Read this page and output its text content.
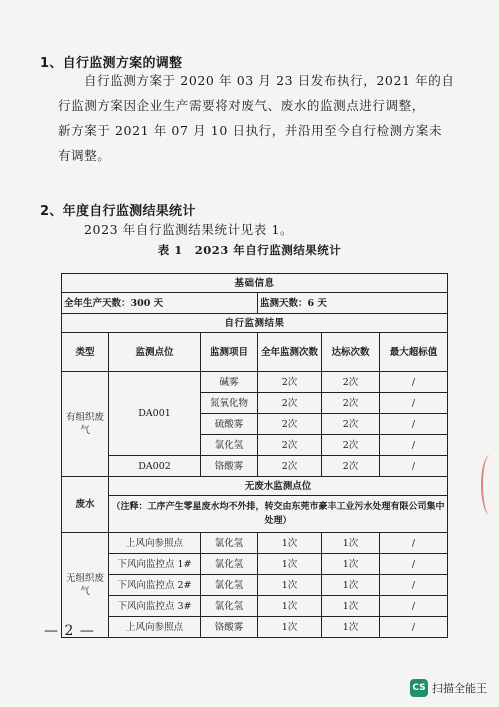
1、自行监测方案的调整
自行监测方案于 2020 年 03 月 23 日发布执行，2021 年的自
行监测方案因企业生产需要将对废气、废水的监测点进行调整，
新方案于 2021 年 07 月 10 日执行，并沿用至今自行检测方案未
有调整。
2、年度自行监测结果统计
2023 年自行监测结果统计见表 1。
表 1　2023 年自行监测结果统计
基础信息					
全年生产天数：300 天			监测天数：6 天		
自行监测结果					
类型	监测点位	监测项目	全年监测次数	达标次数	最大超标值
有组织废气	DA001	碱雾	2次	2次	/
		氮氧化物	2次	2次	/
		硫酸雾	2次	2次	/
		氯化氢	2次	2次	/
	DA002	铬酸雾	2次	2次	/
废水	无废水监测点位				
	（注释：工序产生零星废水均不外排，转交由东莞市豪丰工业污水处理有限公司集中处理）				
无组织废气	上风向参照点	氯化氢	1次	1次	/
	下风向监控点 1#	氯化氢	1次	1次	/
	下风向监控点 2#	氯化氢	1次	1次	/
	下风向监控点 3#	氯化氢	1次	1次	/
	上风向参照点	铬酸雾	1次	1次	/
— 2 —
CS 扫描全能王
